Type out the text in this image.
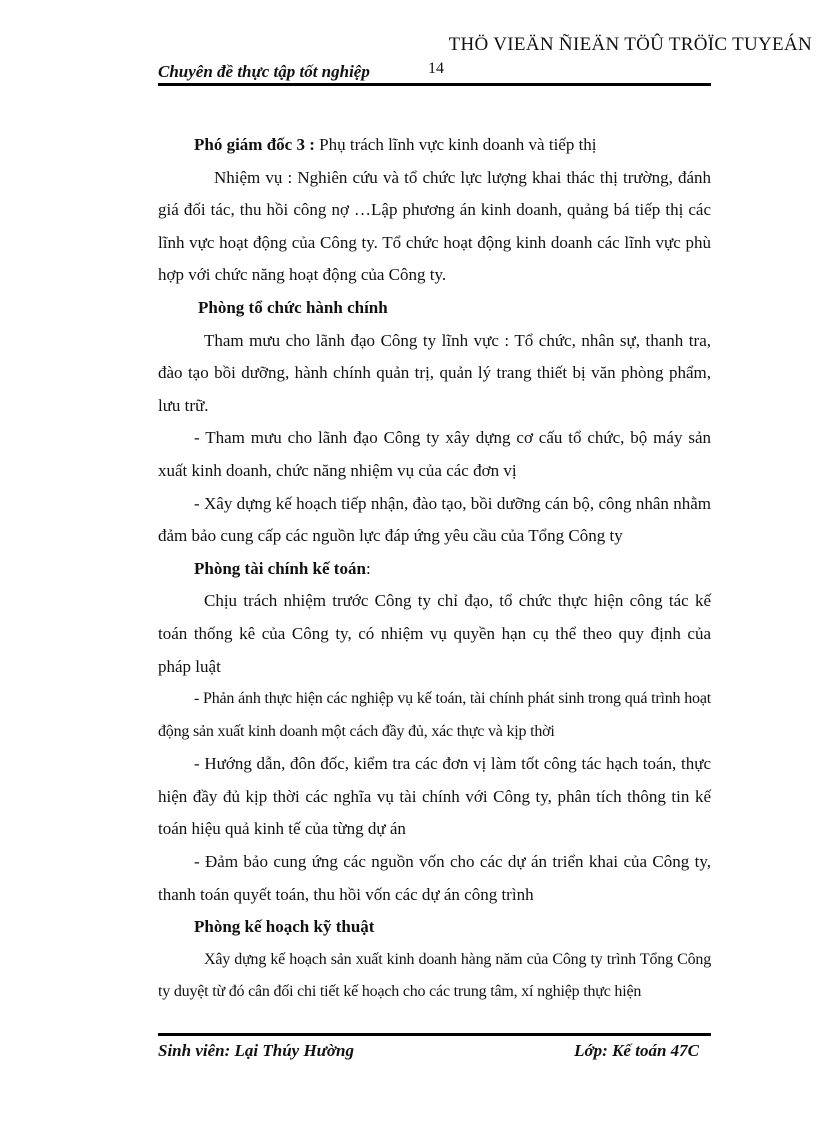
THÖ VIEÄN ÑIEÄN TÖÛ TRÖÏC TUYEÁN
Chuyên đề thực tập tốt nghiệp	14

Phó giám đốc 3 : Phụ trách lĩnh vực kinh doanh và tiếp thị

Nhiệm vụ : Nghiên cứu và tổ chức lực lượng khai thác thị trường, đánh giá đối tác, thu hồi công nợ …Lập phương án kinh doanh, quảng bá tiếp thị các lĩnh vực hoạt động của Công ty. Tổ chức hoạt động kinh doanh các lĩnh vực phù hợp với chức năng hoạt động của Công ty.

Phòng tổ chức hành chính

Tham mưu cho lãnh đạo Công ty lĩnh vực : Tổ chức, nhân sự, thanh tra, đào tạo bồi dưỡng, hành chính quản trị, quản lý trang thiết bị văn phòng phẩm, lưu trữ.

- Tham mưu cho lãnh đạo Công ty xây dựng cơ cấu tổ chức, bộ máy sản xuất kinh doanh, chức năng nhiệm vụ của các đơn vị

- Xây dựng kế hoạch tiếp nhận, đào tạo, bồi dưỡng cán bộ, công nhân nhằm đảm bảo cung cấp các nguồn lực đáp ứng yêu cầu của Tổng Công ty

Phòng tài chính kế toán:

Chịu trách nhiệm trước Công ty chỉ đạo, tổ chức thực hiện công tác kế toán thống kê của Công ty, có nhiệm vụ quyền hạn cụ thể theo quy định của pháp luật

- Phản ánh thực hiện các nghiệp vụ kế toán, tài chính phát sinh trong quá trình hoạt động sản xuất kinh doanh một cách đầy đủ, xác thực và kịp thời

- Hướng dẫn, đôn đốc, kiểm tra các đơn vị làm tốt công tác hạch toán, thực hiện đầy đủ kịp thời các nghĩa vụ tài chính với Công ty, phân tích thông tin kế toán hiệu quả kinh tế của từng dự án

- Đảm bảo cung ứng các nguồn vốn cho các dự án triển khai của Công ty, thanh toán quyết toán, thu hồi vốn các dự án công trình

Phòng kế hoạch kỹ thuật

Xây dựng kế hoạch sản xuất kinh doanh hàng năm của Công ty trình Tổng Công ty duyệt từ đó cân đối chi tiết kế hoạch cho các trung tâm, xí nghiệp thực hiện

Sinh viên: Lại Thúy Hường	Lớp: Kế toán 47C
